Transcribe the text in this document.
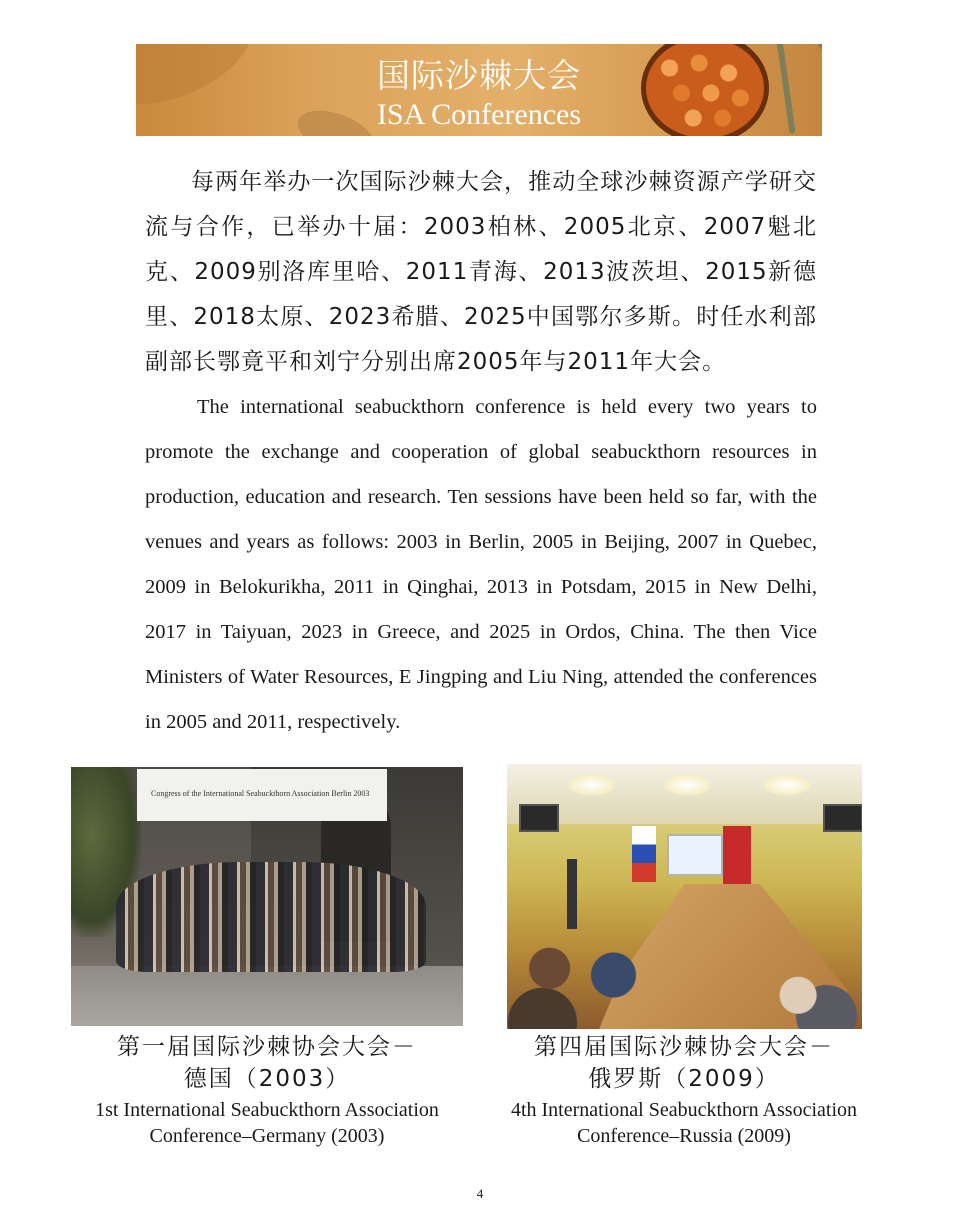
国际沙棘大会
ISA Conferences

每两年举办一次国际沙棘大会，推动全球沙棘资源产学研交流与合作，已举办十届：2003柏林、2005北京、2007魁北克、2009别洛库里哈、2011青海、2013波茨坦、2015新德里、2018太原、2023希腊、2025中国鄂尔多斯。时任水利部副部长鄂竟平和刘宁分别出席2005年与2011年大会。

The international seabuckthorn conference is held every two years to promote the exchange and cooperation of global seabuckthorn resources in production, education and research. Ten sessions have been held so far, with the venues and years as follows: 2003 in Berlin, 2005 in Beijing, 2007 in Quebec, 2009 in Belokurikha, 2011 in Qinghai, 2013 in Potsdam, 2015 in New Delhi, 2017 in Taiyuan, 2023 in Greece, and 2025 in Ordos, China. The then Vice Ministers of Water Resources, E Jingping and Liu Ning, attended the conferences in 2005 and 2011, respectively.

Congress of the International Seabuckthorn Association Berlin 2003
第一届国际沙棘协会大会－
德国（2003）
1st International Seabuckthorn Association
Conference–Germany (2003)
第四届国际沙棘协会大会－
俄罗斯（2009）
4th International Seabuckthorn Association
Conference–Russia (2009)
4
